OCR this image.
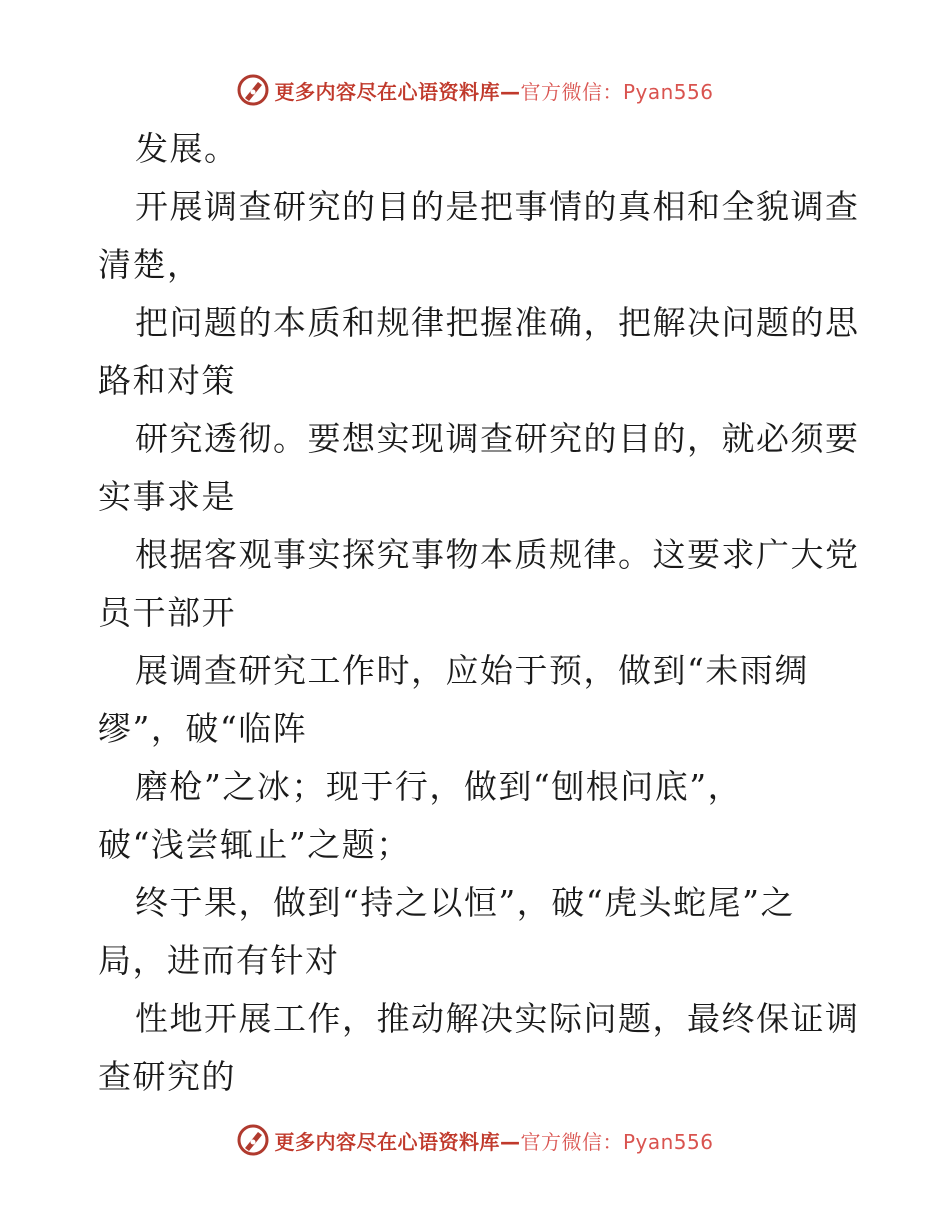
更多内容尽在心语资料库—官方微信：Pyan556
发展。
开展调查研究的目的是把事情的真相和全貌调查
清楚，
把问题的本质和规律把握准确，把解决问题的思
路和对策
研究透彻。要想实现调查研究的目的，就必须要
实事求是
根据客观事实探究事物本质规律。这要求广大党
员干部开
展调查研究工作时，应始于预，做到“未雨绸
缪”，破“临阵
磨枪”之冰；现于行，做到“刨根问底”，
破“浅尝辄止”之题；
终于果，做到“持之以恒”，破“虎头蛇尾”之
局，进而有针对
性地开展工作，推动解决实际问题，最终保证调
查研究的
更多内容尽在心语资料库—官方微信：Pyan556
